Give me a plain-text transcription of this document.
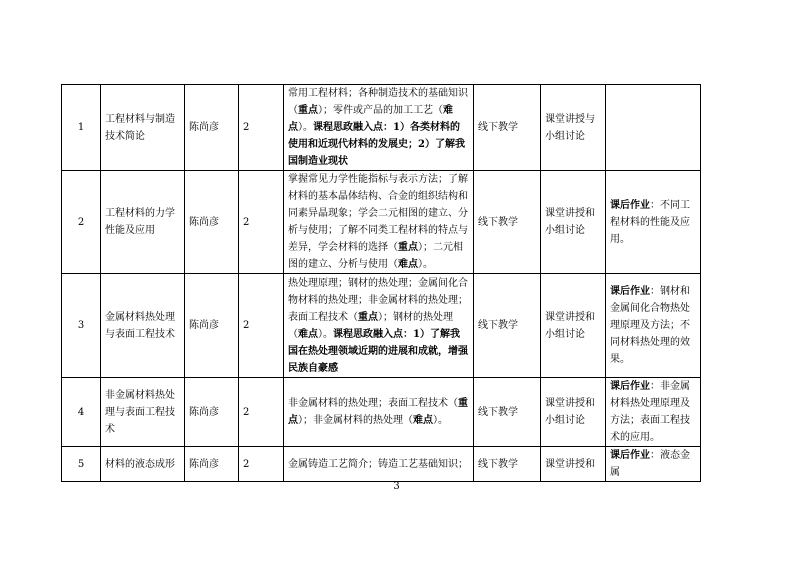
1	工程材料与制造技术简论	陈尚彦	2	常用工程材料；各种制造技术的基础知识（重点）；零件或产品的加工工艺（难点）。课程思政融入点：1）各类材料的使用和近现代材料的发展史；2）了解我国制造业现状	线下教学	课堂讲授与小组讨论	
2	工程材料的力学性能及应用	陈尚彦	2	掌握常见力学性能指标与表示方法；了解材料的基本晶体结构、合金的组织结构和同素异晶现象；学会二元相图的建立、分析与使用；了解不同类工程材料的特点与差异，学会材料的选择（重点）；二元相图的建立、分析与使用（难点）。	线下教学	课堂讲授和小组讨论	课后作业：不同工程材料的性能及应用。
3	金属材料热处理与表面工程技术	陈尚彦	2	热处理原理；钢材的热处理；金属间化合物材料的热处理；非金属材料的热处理；表面工程技术（重点）；钢材的热处理（难点）。课程思政融入点：1）了解我国在热处理领域近期的进展和成就，增强民族自豪感	线下教学	课堂讲授和小组讨论	课后作业：钢材和金属间化合物热处理原理及方法；不同材料热处理的效果。
4	非金属材料热处理与表面工程技术	陈尚彦	2	非金属材料的热处理；表面工程技术（重点）；非金属材料的热处理（难点）。	线下教学	课堂讲授和小组讨论	课后作业：非金属材料热处理原理及方法；表面工程技术的应用。
5	材料的液态成形	陈尚彦	2	金属铸造工艺简介；铸造工艺基础知识；	线下教学	课堂讲授和	课后作业：液态金属
3
